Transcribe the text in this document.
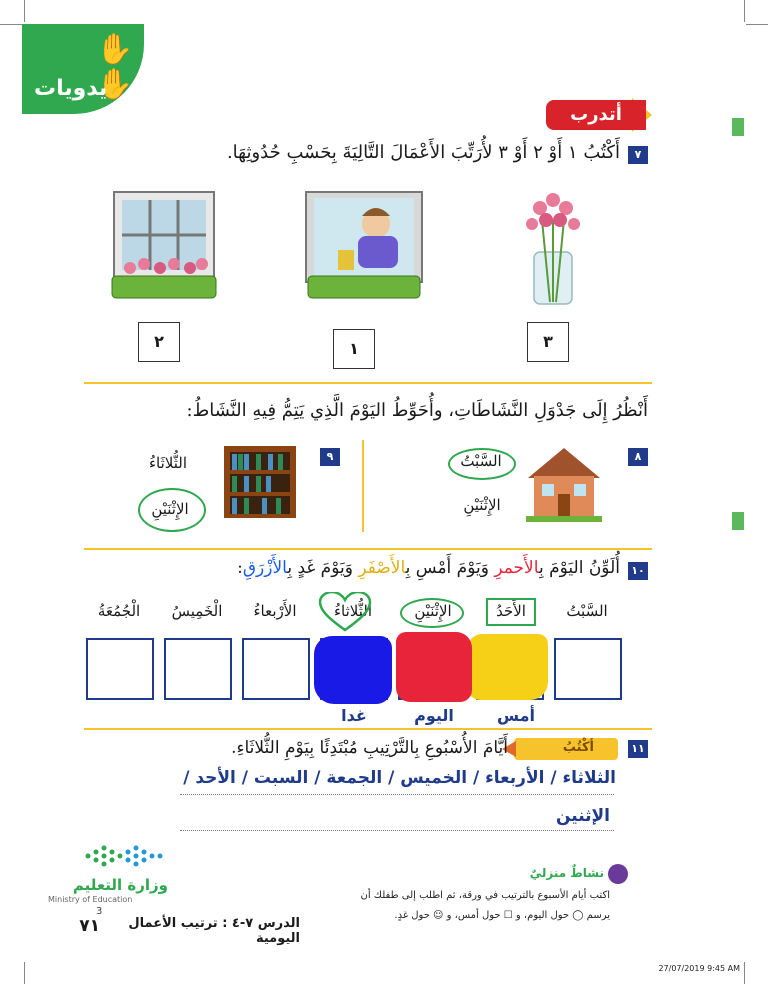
✋✋
يدويات
أتدرب
٧
أَكْتُبُ ١ أَوْ ٢ أَوْ ٣ لأُرَتِّبَ الأَعْمَالَ التَّالِيَةَ بِحَسْبِ حُدُوثِهَا.
٣
١
٢
أَنْظُرُ إِلَى جَدْوَلِ النَّشَاطَاتِ، وأُحَوِّطُ اليَوْمَ الَّذِي يَتِمُّ فِيهِ النَّشَاطُ:
٨
السَّبْتُ
الإِثْنَيْنِ
٩
الثُّلاثَاءُ
الإِثْنَيْنِ
١٠
أُلَوِّنُ اليَوْمَ بِالأَحمرِ وَيَوْمَ أَمْسِ بِالأَصْفَرِ وَيَوْمَ غَدٍ بِالأَزْرَقِ:
السَّبْتُ
الأَحَدُ
الإِثْنَيْنِ
الثُّلاثاءُ
الأَرْبعاءُ
الْخَمِيسُ
الْجُمُعَةُ
أمس
اليوم
غدا
١١
أكْتُبُ
أَيَّامَ الأُسْبُوعِ بِالتَّرْتِيبِ مُبْتَدِئًا بِيَوْمِ الثُّلاثَاءِ.
الثلاثاء / الأربعاء / الخميس / الجمعة / السبت / الأحد /
الإثنين
وزارة التعليم
Ministry of Education
نشاطٌ منزليٌ
اكتب أيام الأسبوع بالترتيب في ورقة، ثم اطلب إلى طفلك أن
يرسم ◯ حول اليوم، و ☐ حول أمس، و ☺ حول غدٍ.
الدرس ٧-٤ : ترتيب الأعمال اليومية
٧١
3
27/07/2019 9:45 AM
